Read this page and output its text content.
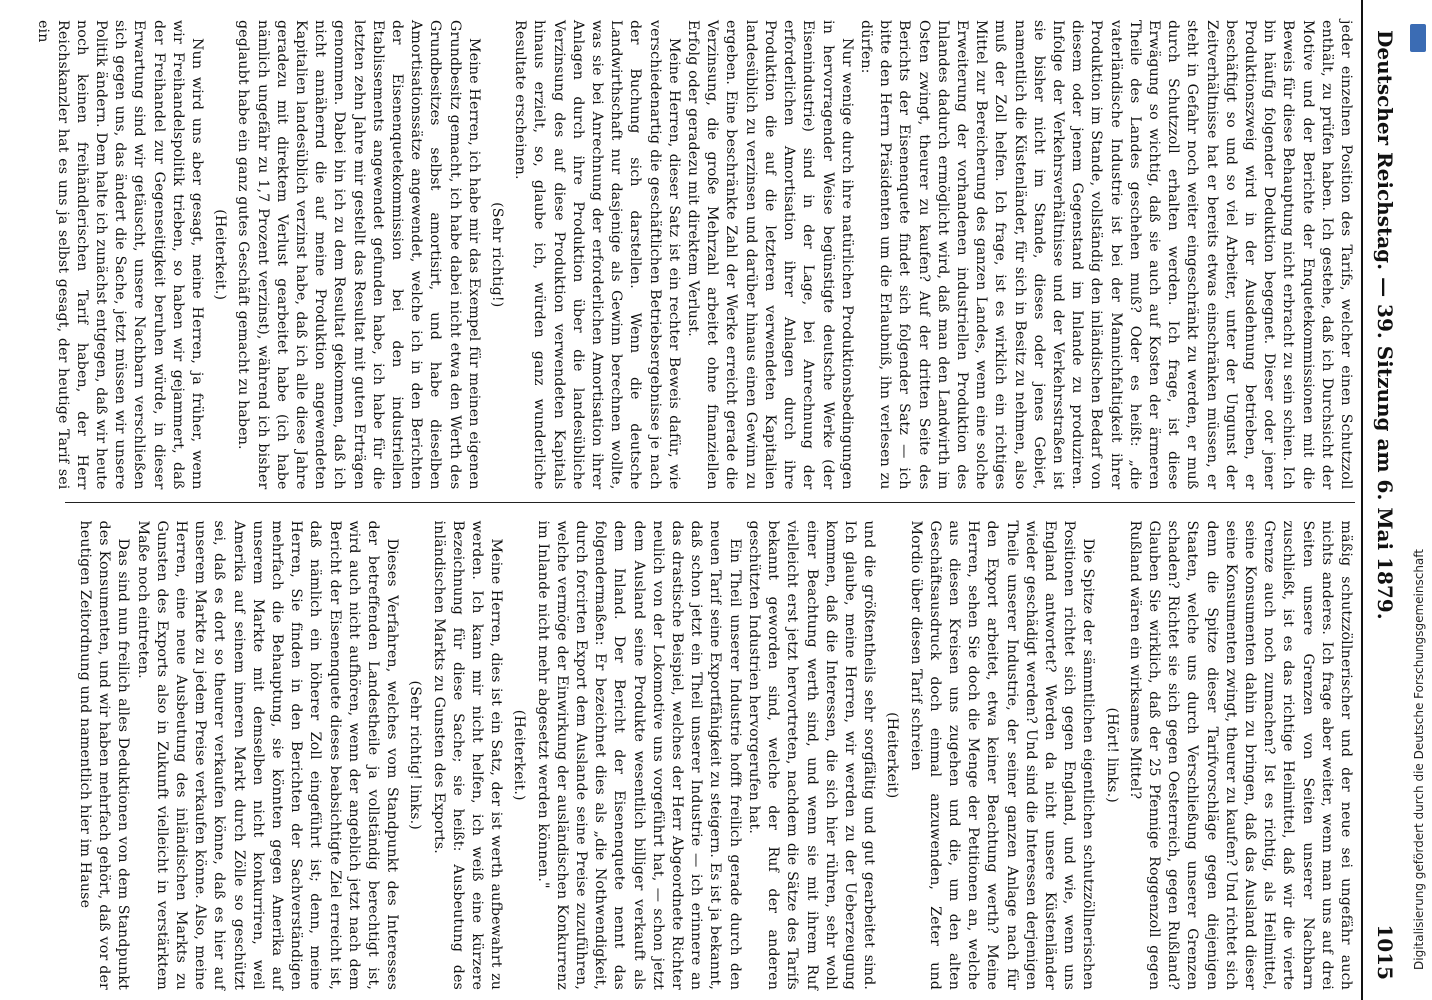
Deutscher Reichstag. — 39. Sitzung am 6. Mai 1879.
1015

jeder einzelnen Position des Tarifs, welcher einen Schutzzoll enthält, zu prüfen haben. Ich gestehe, daß ich Durchsicht der Motive und der Berichte der Enquetekommissionen mit die Beweis für diese Behauptung nicht erbracht zu sein schien. Ich bin häufig folgender Deduktion begegnet. Dieser oder jener Produktionszweig wird in der Ausdehnung betrieben, er beschäftigt so und so viel Arbeiter, unter der Ungunst der Zeitverhältnisse hat er bereits etwas einschränken müssen, er steht in Gefahr noch weiter eingeschränkt zu werden, er muß durch Schutzzoll erhalten werden. Ich frage, ist diese Erwägung so wichtig, daß sie auch auf Kosten der ärmeren Theile des Landes geschehen muß? Oder es heißt: „die vaterländische Industrie ist bei der Mannichfaltigkeit ihrer Produktion im Stande, vollständig den inländischen Bedarf von diesem oder jenem Gegenstand im Inlande zu produziren. Infolge der Verkehrsverhältnisse und der Verkehrsstraßen ist sie bisher nicht im Stande, dieses oder jenes Gebiet, namentlich die Küstenländer, für sich in Besitz zu nehmen, also muß der Zoll helfen. Ich frage, ist es wirklich ein richtiges Mittel zur Bereicherung des ganzen Landes, wenn eine solche Erweiterung der vorhandenen industriellen Produktion des Inlandes dadurch ermöglicht wird, daß man den Landwirth im Osten zwingt, theurer zu kaufen? Auf der dritten Seite des Berichts der Eisenenquete findet sich folgender Satz — ich bitte den Herrn Präsidenten um die Erlaubniß, ihn verlesen zu dürfen:

Nur wenige durch ihre natürlichen Produktionsbedingungen in hervorragender Weise begünstigte deutsche Werke (der Eisenindustrie) sind in der Lage, bei Anrechnung der erforderlichen Amortisation ihrer Anlagen durch ihre Produktion die auf die letzteren verwendeten Kapitalien landesüblich zu verzinsen und darüber hinaus einen Gewinn zu ergeben. Eine beschränkte Zahl der Werke erreicht gerade die Verzinsung, die große Mehrzahl arbeitet ohne finanziellen Erfolg oder geradezu mit direktem Verlust.

Meine Herren, dieser Satz ist ein rechter Beweis dafür, wie verschiedenartig die geschäftlichen Betriebsergebnisse je nach der Buchung sich darstellen. Wenn die deutsche Landwirthschaft nur dasjenige als Gewinn berechnen wollte, was sie bei Anrechnung der erforderlichen Amortisation ihrer Anlagen durch ihre Produktion über die landesübliche Verzinsung des auf diese Produktion verwendeten Kapitals hinaus erzielt, so, glaube ich, würden ganz wunderliche Resultate erscheinen.

(Sehr richtig!)

Meine Herren, ich habe mir das Exempel für meinen eigenen Grundbesitz gemacht, ich habe dabei nicht etwa den Werth des Grundbesitzes selbst amortisirt, und habe dieselben Amortisationssätze angewendet, welche ich in den Berichten der Eisenenquetekommission bei den industriellen Etablissements angewendet gefunden habe, ich habe für die letzten zehn Jahre mir gestellt das Resultat mit guten Erträgen genommen. Dabei bin ich zu dem Resultat gekommen, daß ich nicht annähernd die auf meine Produktion angewendeten Kapitalien landesüblich verzinst habe, daß ich alle diese Jahre geradezu mit direktem Verlust gearbeitet habe (ich habe nämlich ungefähr zu 1,7 Prozent verzinst), während ich bisher geglaubt habe ein ganz gutes Geschäft gemacht zu haben.

(Heiterkeit.)

Nun wird uns aber gesagt, meine Herren, ja früher, wenn wir Freihandelspolitik trieben, so haben wir gejammert, daß der Freihandel zur Gegenseitigkeit beruhen würde, in dieser Erwartung sind wir getäuscht, unsere Nachbarn verschließen sich gegen uns, das ändert die Sache, jetzt müssen wir unsere Politik ändern. Dem halte ich zunächst entgegen, daß wir heute noch keinen freihändlerischen Tarif haben, der Herr Reichskanzler hat es uns ja selbst gesagt, der heutige Tarif sei ein

mäßig schutzzöllnerischer und der neue sei ungefähr auch nichts anderes. Ich frage aber weiter, wenn man uns auf drei Seiten unsere Grenzen von Seiten unserer Nachbarn zuschließt, ist es das richtige Heilmittel, daß wir die vierte Grenze auch noch zumachen? Ist es richtig, als Heilmittel, seine Konsumenten dahin zu bringen, daß das Ausland dieser seine Konsumenten zwingt, theurer zu kaufen? Und richtet sich denn die Spitze dieser Tarifvorschläge gegen diejenigen Staaten, welche uns durch Verschließung unserer Grenzen schaden? Richtet sie sich gegen Oesterreich, gegen Rußland? Glauben Sie wirklich, daß der 25 Pfennige Roggenzoll gegen Rußland wären ein wirksames Mittel?

(Hört! links.)

Die Spitze der sämmtlichen eigentlichen schutzzöllnerischen Positionen richtet sich gegen England, und wie, wenn uns England antwortet? Werden da nicht unsere Küstenländer wieder geschädigt werden? Und sind die Interessen derjenigen Theile unserer Industrie, der seiner ganzen Anlage nach für den Export arbeitet, etwa keiner Beachtung werth? Meine Herren, sehen Sie doch die Menge der Petitionen an, welche aus diesen Kreisen uns zugehen und die, um den alten Geschäftsausdruck doch einmal anzuwenden, Zeter und Mordio über diesen Tarif schreien

(Heiterkeit)

und die größtentheils sehr sorgfältig und gut gearbeitet sind. Ich glaube, meine Herren, wir werden zu der Ueberzeugung kommen, daß die Interessen, die sich hier rühren, sehr wohl einer Beachtung werth sind, und wenn sie mit ihrem Ruf vielleicht erst jetzt hervortreten, nachdem die Sätze des Tarifs bekannt geworden sind, welche der Ruf der anderen geschützten Industrien hervorgerufen hat.

Ein Theil unserer Industrie hofft freilich gerade durch den neuen Tarif seine Exportfähigkeit zu steigern. Es ist ja bekannt, daß schon jetzt ein Theil unserer Industrie — ich erinnere an das drastische Beispiel, welches der Herr Abgeordnete Richter neulich von der Lokomotive uns vorgeführt hat, — schon jetzt dem Ausland seine Produkte wesentlich billiger verkauft als dem Inland. Der Bericht der Eisenenquete nennt das folgendermaßen: Er bezeichnet dies als „die Nothwendigkeit, durch forcirten Export dem Auslande seine Preise zuzuführen, welche vermöge der Einwirkung der ausländischen Konkurrenz im Inlande nicht mehr abgesetzt werden können."

(Heiterkeit.)

Meine Herren, dies ist ein Satz, der ist werth aufbewahrt zu werden. Ich kann mir nicht helfen, ich weiß eine kürzere Bezeichnung für diese Sache; sie heißt: Ausbeutung des inländischen Markts zu Gunsten des Exports.

(Sehr richtig! links.)

Dieses Verfahren, welches vom Standpunkt des Interesses der betreffenden Landestheile ja vollständig berechtigt ist, wird auch nicht aufhören, wenn der angeblich jetzt nach dem Bericht der Eisenenquete dieses beabsichtigte Ziel erreicht ist, daß nämlich ein höherer Zoll eingeführt ist; denn, meine Herren, Sie finden in den Berichten der Sachverständigen mehrfach die Behauptung, sie könnten gegen Amerika auf unserem Markte mit demselben nicht konkurriren, weil Amerika auf seinem inneren Markt durch Zölle so geschützt sei, daß es dort so theurer verkaufen könne, daß es hier auf unserem Markte zu jedem Preise verkaufen könne. Also, meine Herren, eine neue Ausbeutung des inländischen Markts zu Gunsten des Exports also in Zukunft vielleicht in verstärktem Maße noch eintreten.

Das sind nun freilich alles Deduktionen von dem Standpunkt des Konsumenten, und wir haben mehrfach gehört, daß vor der heutigen Zeitordnung und namentlich hier im Hause	Digitalisierung gefördert durch die Deutsche Forschungsgemeinschaft
